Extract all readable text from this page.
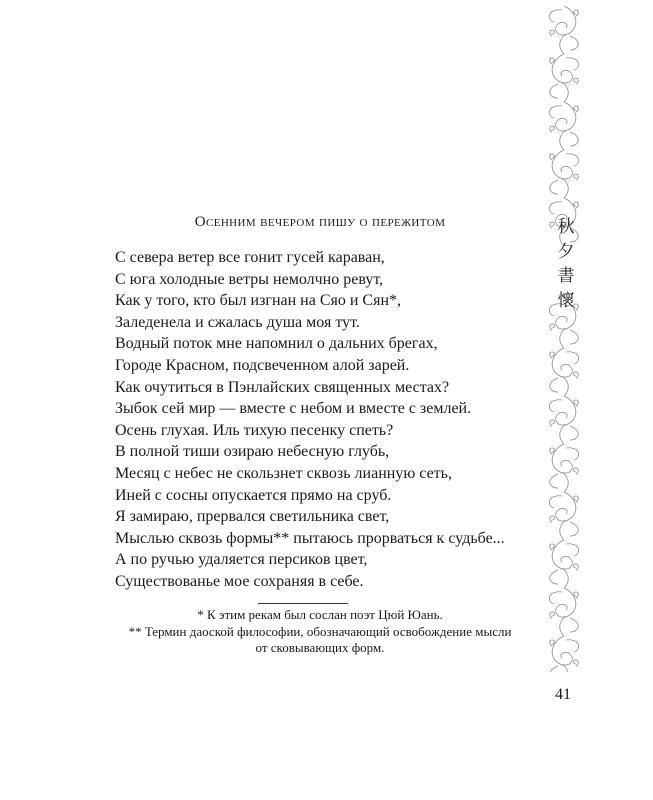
秋
夕
書
懷
Осенним вечером пишу о пережитом
С севера ветер все гонит гусей караван,
С юга холодные ветры немолчно ревут,
Как у того, кто был изгнан на Сяо и Сян*,
Заледенела и сжалась душа моя тут.
Водный поток мне напомнил о дальних брегах,
Городе Красном, подсвеченном алой зарей.
Как очутиться в Пэнлайских священных местах?
Зыбок сей мир — вместе с небом и вместе с землей.
Осень глухая. Иль тихую песенку спеть?
В полной тиши озираю небесную глубь,
Месяц с небес не скользнет сквозь лианную сеть,
Иней с сосны опускается прямо на сруб.
Я замираю, прервался светильника свет,
Мыслью сквозь формы** пытаюсь прорваться к судьбе...
А по ручью удаляется персиков цвет,
Существованье мое сохраняя в себе.
* К этим рекам был сослан поэт Цюй Юань.
** Термин даоской философии, обозначающий освобождение мысли
от сковывающих форм.
41
